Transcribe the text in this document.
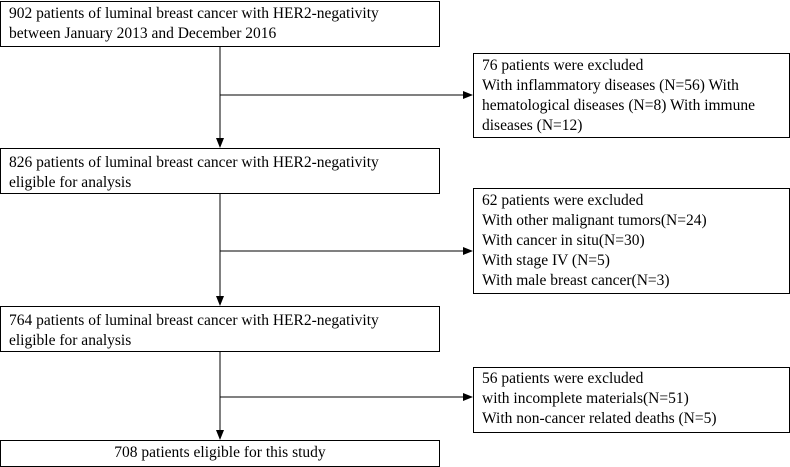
902 patients of luminal breast cancer with HER2-negativity
between January 2013 and December 2016
826 patients of luminal breast cancer with HER2-negativity
eligible for analysis
764 patients of luminal breast cancer with HER2-negativity
eligible for analysis
708 patients eligible for this study
76 patients were excluded
With inflammatory diseases (N=56) With
hematological diseases (N=8) With immune
diseases (N=12)
62 patients were excluded
With other malignant tumors(N=24)
With cancer in situ(N=30)
With stage IV (N=5)
With male breast cancer(N=3)
56 patients were excluded
with incomplete materials(N=51)
With non-cancer related deaths (N=5)
